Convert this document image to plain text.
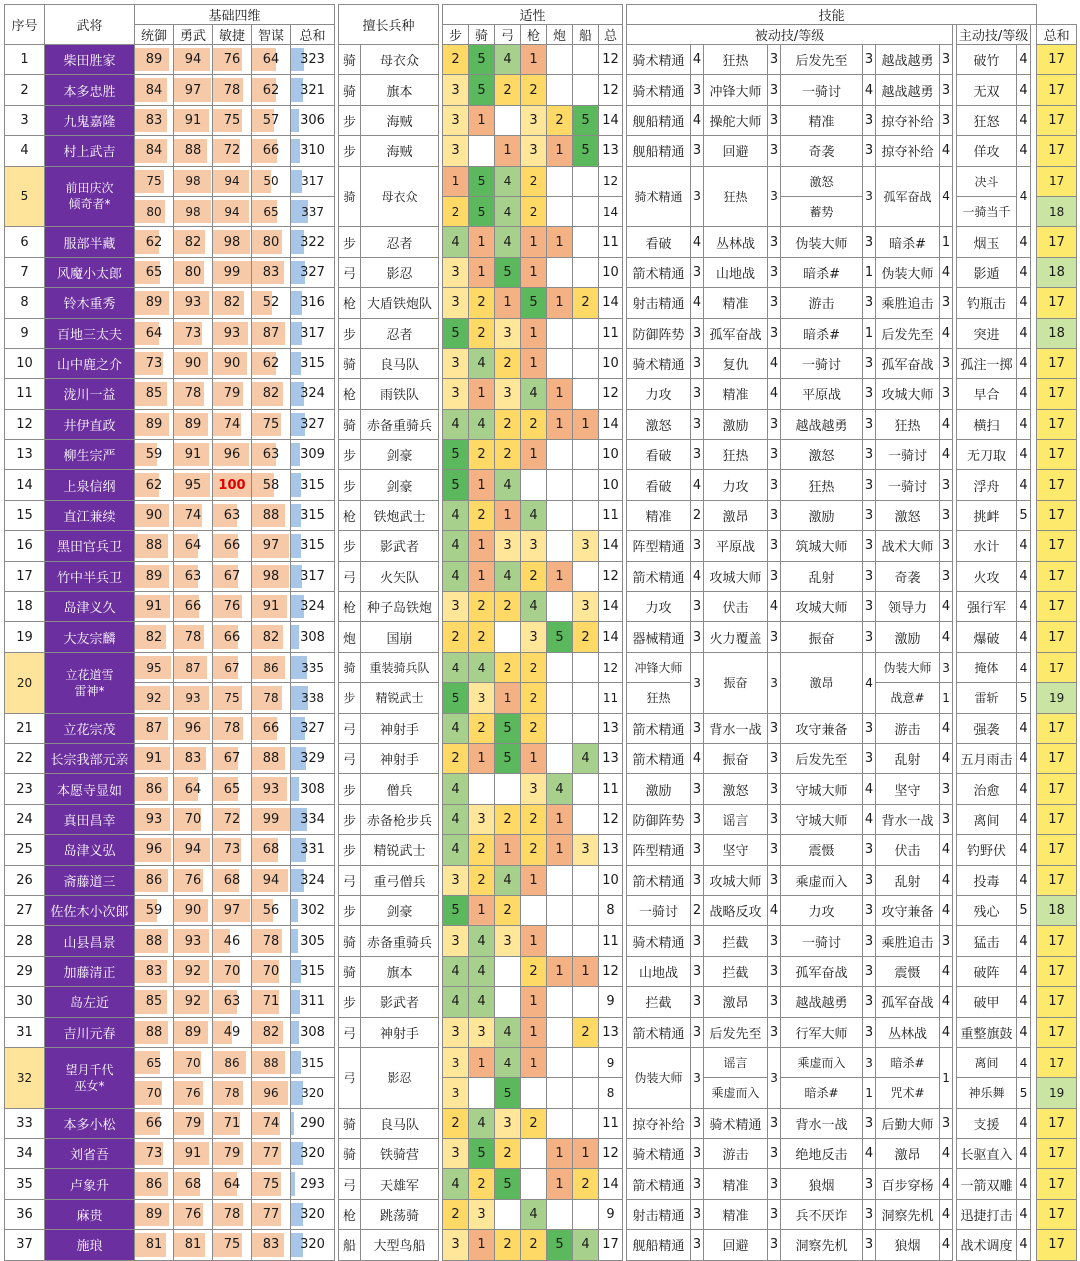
序号	武将	基础四维						擅长兵种			适性								技能												
		统御	勇武	敏捷	智谋	总和					步	骑	弓	枪	炮	船	总		被动技/等级									主动技/等级			总和
1	柴田胜家	89	94	76	64	323		骑	母衣众		2	5	4	1			12		骑术精通	4	狂热	3	后发先至	3	越战越勇	3		破竹	4		17
2	本多忠胜	84	97	78	62	321		骑	旗本		3	5	2	2			12		骑术精通	3	冲锋大师	3	一骑讨	4	越战越勇	3		无双	4		17
3	九鬼嘉隆	83	91	75	57	306		步	海贼		3	1		3	2	5	14		舰船精通	4	操舵大师	3	精准	3	掠夺补给	3		狂怒	4		17
4	村上武吉	84	88	72	66	310		步	海贼		3		1	3	1	5	13		舰船精通	3	回避	3	奇袭	3	掠夺补给	4		佯攻	4		17
5	前田庆次
倾奇者*	75	98	94	50	317		骑	母衣众		1	5	4	2			12		骑术精通	3	狂热	3	激怒	3	孤军奋战	4		决斗	4		17

80	98	94	65	337					2	5	4	2			14						蓄势					一骑当千			18
6	服部半藏	62	82	98	80	322		步	忍者		4	1	4	1	1		11		看破	4	丛林战	3	伪装大师	3	暗杀#	1		烟玉	4		17
7	风魔小太郎	65	80	99	83	327		弓	影忍		3	1	5	1			10		箭术精通	3	山地战	3	暗杀#	1	伪装大师	4		影遁	4		18
8	铃木重秀	89	93	82	52	316		枪	大盾铁炮队		3	2	1	5	1	2	14		射击精通	4	精准	3	游击	3	乘胜追击	3		钓瓶击	4		17
9	百地三太夫	64	73	93	87	317		步	忍者		5	2	3	1			11		防御阵势	3	孤军奋战	3	暗杀#	1	后发先至	4		突进	4		18
10	山中鹿之介	73	90	90	62	315		骑	良马队		3	4	2	1			10		骑术精通	3	复仇	4	一骑讨	3	孤军奋战	3		孤注一掷	4		17
11	泷川一益	85	78	79	82	324		枪	雨铁队		3	1	3	4	1		12		力攻	3	精准	4	平原战	3	攻城大师	3		早合	4		17
12	井伊直政	89	89	74	75	327		骑	赤备重骑兵		4	4	2	2	1	1	14		激怒	3	激励	3	越战越勇	3	狂热	4		横扫	4		17
13	柳生宗严	59	91	96	63	309		步	剑豪		5	2	2	1			10		看破	3	狂热	3	激怒	3	一骑讨	4		无刀取	4		17
14	上泉信纲	62	95	100	58	315		步	剑豪		5	1	4				10		看破	4	力攻	3	狂热	3	一骑讨	3		浮舟	4		17
15	直江兼续	90	74	63	88	315		枪	铁炮武士		4	2	1	4			11		精准	2	激昂	3	激励	3	激怒	3		挑衅	5		17
16	黑田官兵卫	88	64	66	97	315		步	影武者		4	1	3	3		3	14		阵型精通	3	平原战	3	筑城大师	3	战术大师	3		水计	4		17
17	竹中半兵卫	89	63	67	98	317		弓	火矢队		4	1	4	2	1		12		箭术精通	4	攻城大师	3	乱射	3	奇袭	3		火攻	4		17
18	岛津义久	91	66	76	91	324		枪	种子岛铁炮		3	2	2	4		3	14		力攻	3	伏击	4	攻城大师	3	领导力	4		强行军	4		17
19	大友宗麟	82	78	66	82	308		炮	国崩		2	2		3	5	2	14		器械精通	3	火力覆盖	3	振奋	3	激励	4		爆破	4		17
20	立花道雪
雷神*	95	87	67	86	335		骑	重装骑兵队		4	4	2	2			12		冲锋大师	3	振奋	3	激昂	4	伪装大师	3		掩体	4		17

92	93	75	78	338		步	精锐武士		5	3	1	2			11		狂热						战意#	1		雷斩	5		19
21	立花宗茂	87	96	78	66	327		弓	神射手		4	2	5	2			13		箭术精通	3	背水一战	3	攻守兼备	3	游击	4		强袭	4		17
22	长宗我部元亲	91	83	67	88	329		弓	神射手		2	1	5	1		4	13		箭术精通	4	振奋	3	后发先至	3	乱射	4		五月雨击	4		17
23	本愿寺显如	86	64	65	93	308		步	僧兵		4			3	4		11		激励	3	激怒	3	守城大师	4	坚守	3		治愈	4		17
24	真田昌幸	93	70	72	99	334		步	赤备枪步兵		4	3	2	2	1		12		防御阵势	3	谣言	3	守城大师	4	背水一战	3		离间	4		17
25	岛津义弘	96	94	73	68	331		步	精锐武士		4	2	1	2	1	3	13		阵型精通	3	坚守	3	震慑	3	伏击	4		钓野伏	4		17
26	斋藤道三	86	76	68	94	324		弓	重弓僧兵		3	2	4	1			10		箭术精通	3	攻城大师	3	乘虚而入	3	乱射	4		投毒	4		17
27	佐佐木小次郎	59	90	97	56	302		步	剑豪		5	1	2				8		一骑讨	2	战略反攻	4	力攻	3	攻守兼备	4		残心	5		18
28	山县昌景	88	93	46	78	305		骑	赤备重骑兵		3	4	3	1			11		骑术精通	3	拦截	3	一骑讨	3	乘胜追击	3		猛击	4		17
29	加藤清正	83	92	70	70	315		骑	旗本		4	4		2	1	1	12		山地战	3	拦截	3	孤军奋战	3	震慑	4		破阵	4		17
30	岛左近	85	92	63	71	311		步	影武者		4	4		1			9		拦截	3	激昂	3	越战越勇	3	孤军奋战	4		破甲	4		17
31	吉川元春	88	89	49	82	308		弓	神射手		3	3	4	1		2	13		箭术精通	3	后发先至	3	行军大师	3	丛林战	4		重整旗鼓	4		17
32	望月千代
巫女*	65	70	86	88	315		弓	影忍		3	1	4	1			9		伪装大师	3	谣言	3	乘虚而入	3	暗杀#	1		离间	4		17

70	76	78	96	320					3		5				8				乘虚而入		暗杀#	1	咒术#			神乐舞	5		19
33	本多小松	66	79	71	74	290		骑	良马队		2	4	3	2			11		掠夺补给	3	骑术精通	3	背水一战	3	后勤大师	3		支援	4		17
34	刘省吾	73	91	79	77	320		骑	铁骑营		3	5	2		1	1	12		骑术精通	3	游击	3	绝地反击	4	激昂	4		长驱直入	4		17
35	卢象升	86	68	64	75	293		弓	天雄军		4	2	5		1	2	14		箭术精通	3	精准	3	狼烟	3	百步穿杨	4		一箭双雕	4		17
36	麻贵	89	76	78	77	320		枪	跳荡骑		2	3		4			9		射击精通	3	精准	3	兵不厌诈	3	洞察先机	4		迅捷打击	4		17
37	施琅	81	81	75	83	320		船	大型鸟船		3	1	2	2	5	4	17		舰船精通	3	回避	3	洞察先机	3	狼烟	4		战术调度	4		17
